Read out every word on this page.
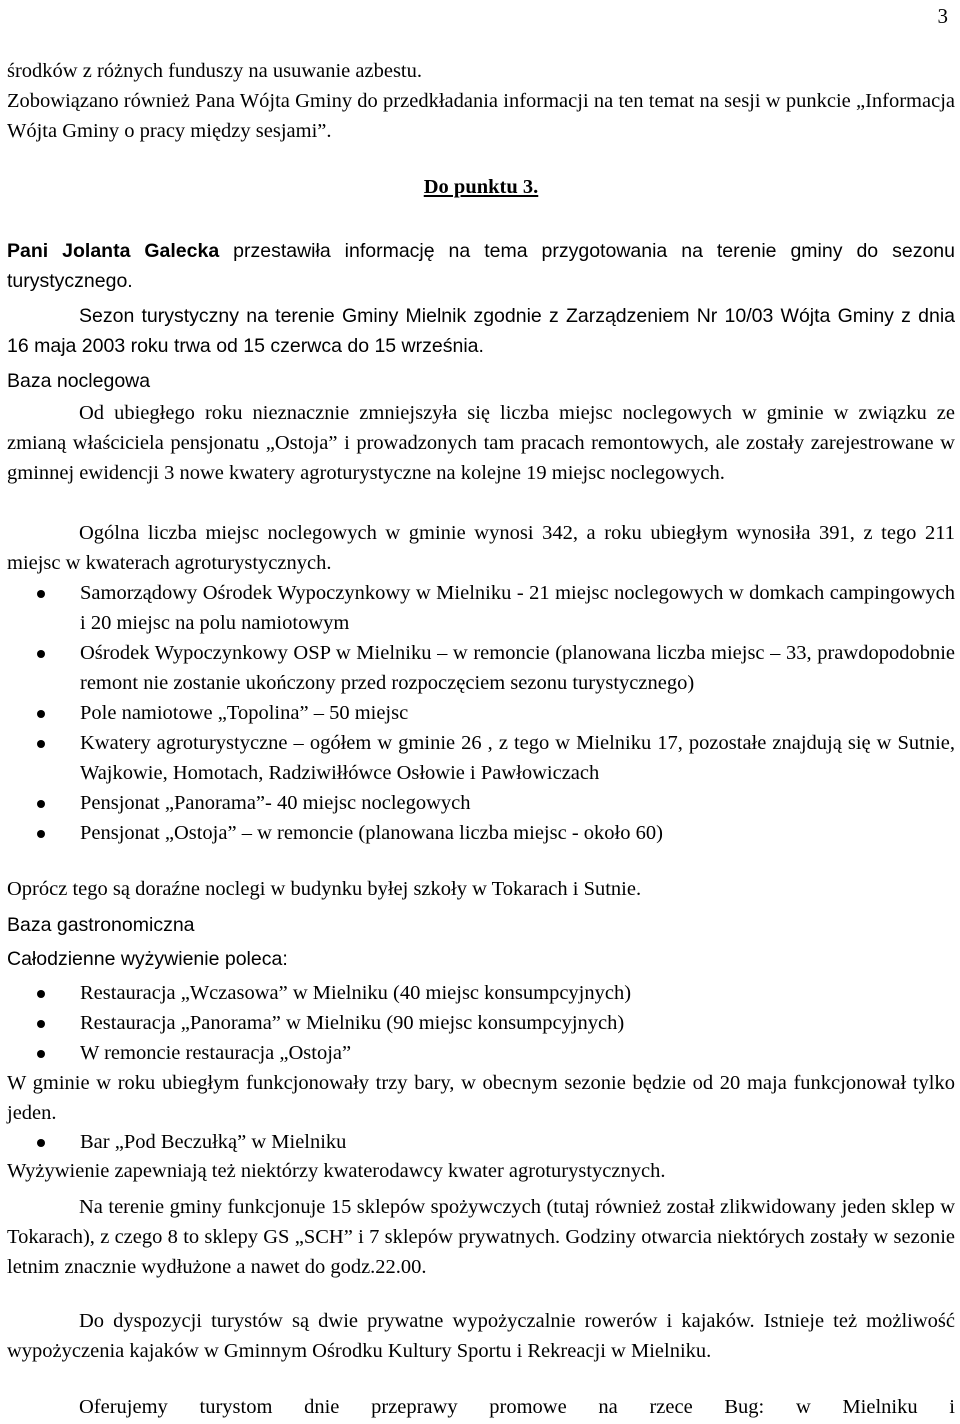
3
środków z różnych funduszy na usuwanie azbestu.
Zobowiązano również Pana Wójta Gminy do przedkładania informacji na ten temat na sesji w punkcie „Informacja Wójta Gminy o pracy między sesjami”.
Do punktu 3.
Pani Jolanta Galecka przestawiła informację na tema przygotowania na terenie gminy do sezonu turystycznego.
Sezon turystyczny na terenie Gminy Mielnik zgodnie z Zarządzeniem Nr 10/03 Wójta Gminy z dnia 16 maja 2003 roku trwa od 15 czerwca do 15 września.
Baza noclegowa
Od ubiegłego roku nieznacznie zmniejszyła się liczba miejsc noclegowych w gminie w związku ze zmianą właściciela pensjonatu „Ostoja” i prowadzonych tam pracach remontowych, ale zostały zarejestrowane w gminnej ewidencji 3 nowe kwatery agroturystyczne na kolejne 19 miejsc noclegowych.
Ogólna liczba miejsc noclegowych w gminie wynosi 342, a roku ubiegłym wynosiła 391, z tego 211 miejsc w kwaterach agroturystycznych.
Samorządowy Ośrodek Wypoczynkowy w Mielniku - 21 miejsc noclegowych w domkach campingowych i 20 miejsc na polu namiotowym
Ośrodek Wypoczynkowy OSP w Mielniku – w remoncie (planowana liczba miejsc – 33, prawdopodobnie remont nie zostanie ukończony przed rozpoczęciem sezonu turystycznego)
Pole namiotowe „Topolina” – 50 miejsc
Kwatery agroturystyczne – ogółem w gminie 26 , z tego w Mielniku 17, pozostałe znajdują się w Sutnie, Wajkowie, Homotach, Radziwiłłówce Osłowie i Pawłowiczach
Pensjonat „Panorama”- 40 miejsc noclegowych
Pensjonat „Ostoja” – w remoncie (planowana liczba miejsc - około 60)
Oprócz tego są doraźne noclegi w budynku byłej szkoły w Tokarach i Sutnie.
Baza gastronomiczna
Całodzienne wyżywienie poleca:
Restauracja „Wczasowa” w Mielniku (40 miejsc konsumpcyjnych)
Restauracja „Panorama” w Mielniku (90 miejsc konsumpcyjnych)
W remoncie restauracja „Ostoja”
W gminie w roku ubiegłym funkcjonowały trzy bary, w obecnym sezonie będzie od 20 maja funkcjonował tylko jeden.
Bar „Pod Beczułką” w Mielniku
Wyżywienie zapewniają też niektórzy kwaterodawcy kwater agroturystycznych.
Na terenie gminy funkcjonuje 15 sklepów spożywczych (tutaj również został zlikwidowany jeden sklep w Tokarach), z czego 8 to sklepy GS „SCH” i 7 sklepów prywatnych. Godziny otwarcia niektórych zostały w sezonie letnim znacznie wydłużone a nawet do godz.22.00.
Do dyspozycji turystów są dwie prywatne wypożyczalnie rowerów i kajaków. Istnieje też możliwość wypożyczenia kajaków w Gminnym Ośrodku Kultury Sportu i Rekreacji w Mielniku.
Oferujemy turystom dnie przeprawy promowe na rzece Bug: w Mielniku i
